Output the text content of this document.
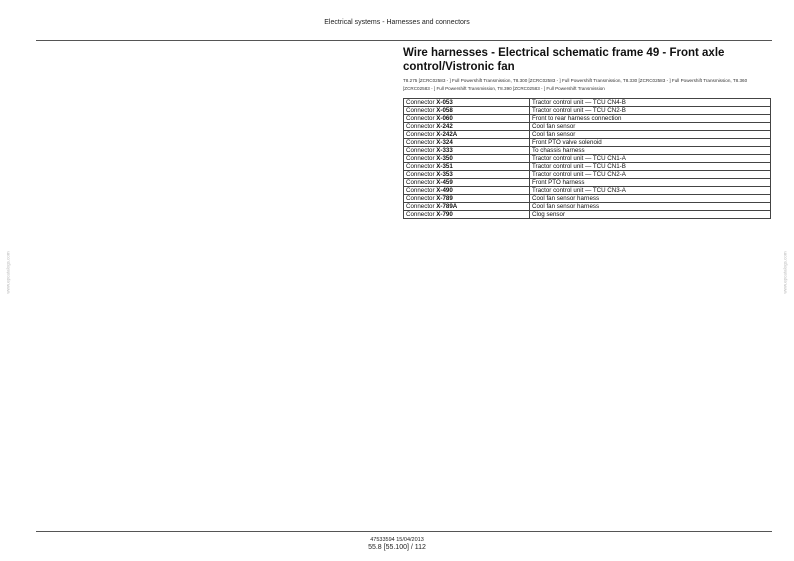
Electrical systems - Harnesses and connectors
Wire harnesses - Electrical schematic frame 49 - Front axle control/Vistronic fan

T8.275 [ZCRC02583 - ] Full Powershift Transmission, T8.300 [ZCRC02583 - ] Full Powershift Transmission, T8.330 [ZCRC02583 - ] Full Powershift Transmission, T8.360 [ZCRC02583 - ] Full Powershift Transmission, T8.390 [ZCRC02583 - ] Full Powershift Transmission

Connector X-053	Tractor control unit — TCU CN4-B
Connector X-058	Tractor control unit — TCU CN2-B
Connector X-060	Front to rear harness connection
Connector X-242	Cool fan sensor
Connector X-242A	Cool fan sensor
Connector X-324	Front PTO valve solenoid
Connector X-333	To chassis harness
Connector X-350	Tractor control unit — TCU CN1-A
Connector X-351	Tractor control unit — TCU CN1-B
Connector X-353	Tractor control unit — TCU CN2-A
Connector X-459	Front PTO harness
Connector X-490	Tractor control unit — TCU CN3-A
Connector X-789	Cool fan sensor harness
Connector X-789A	Cool fan sensor harness
Connector X-790	Clog sensor
www.epcatalogs.com	www.epcatalogs.com
47533594 15/04/2013
55.8 [55.100] / 112
